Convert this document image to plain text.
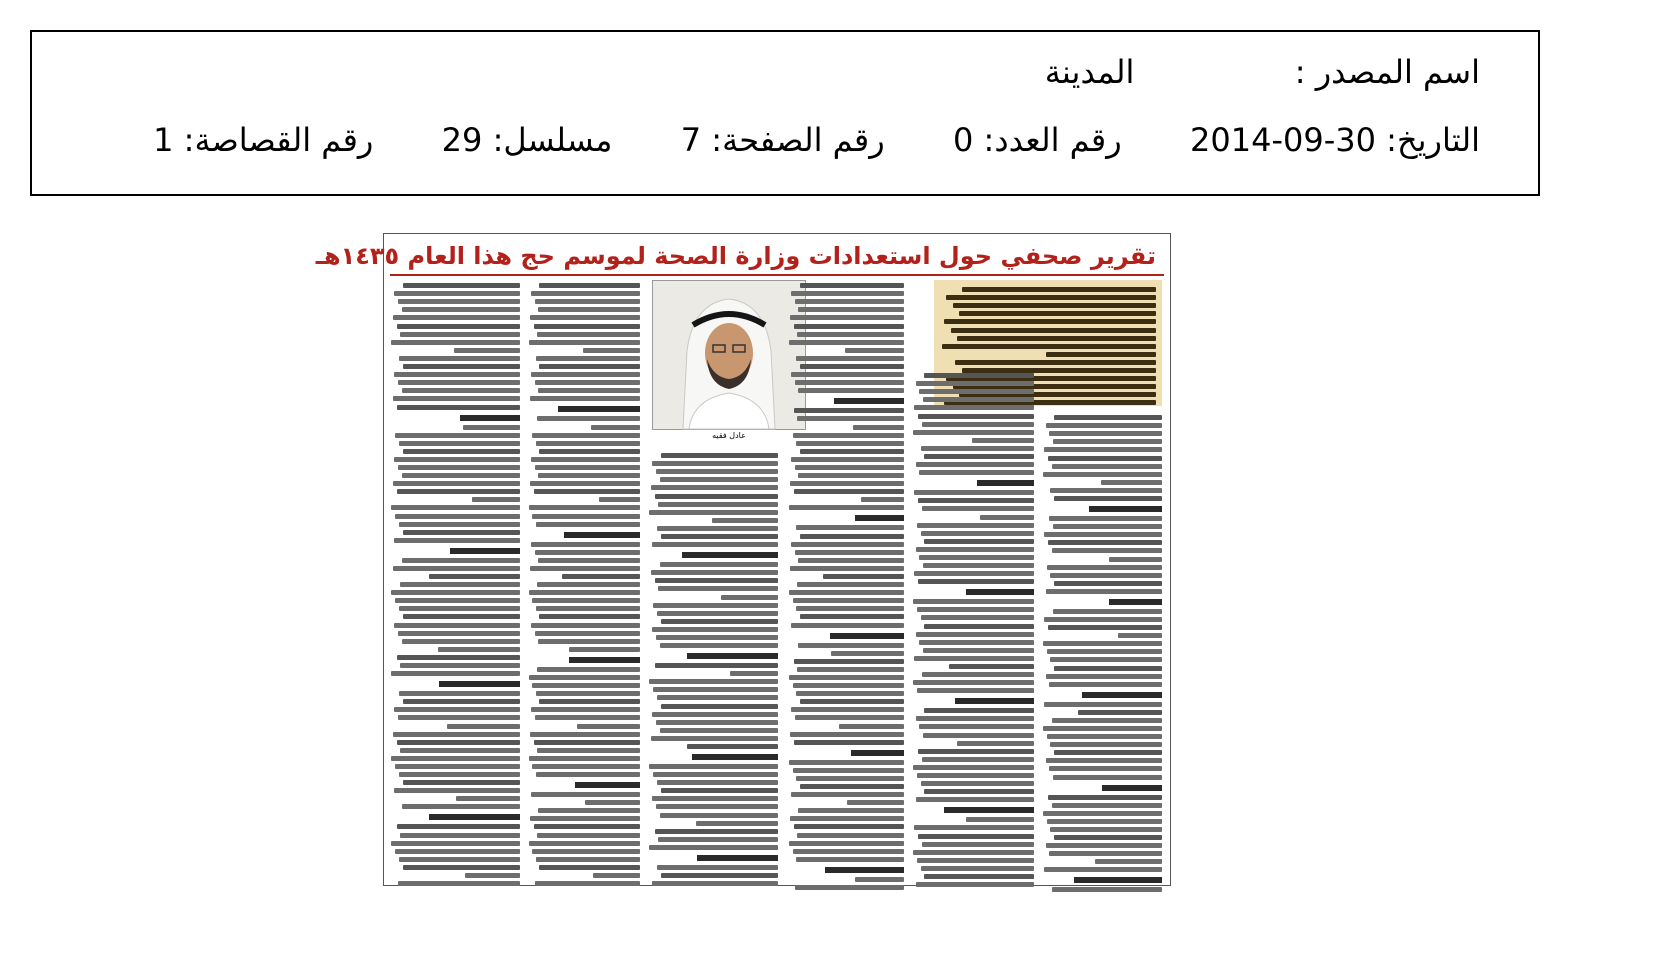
اسم المصدر :  المدينة
التاريخ: 2014-09-30  رقم العدد: 0  رقم الصفحة: 7  مسلسل: 29  رقم القصاصة: 1
تقرير صحفي حول استعدادات وزارة الصحة لموسم حج هذا العام ١٤٣٥هـ
عادل فقيه
